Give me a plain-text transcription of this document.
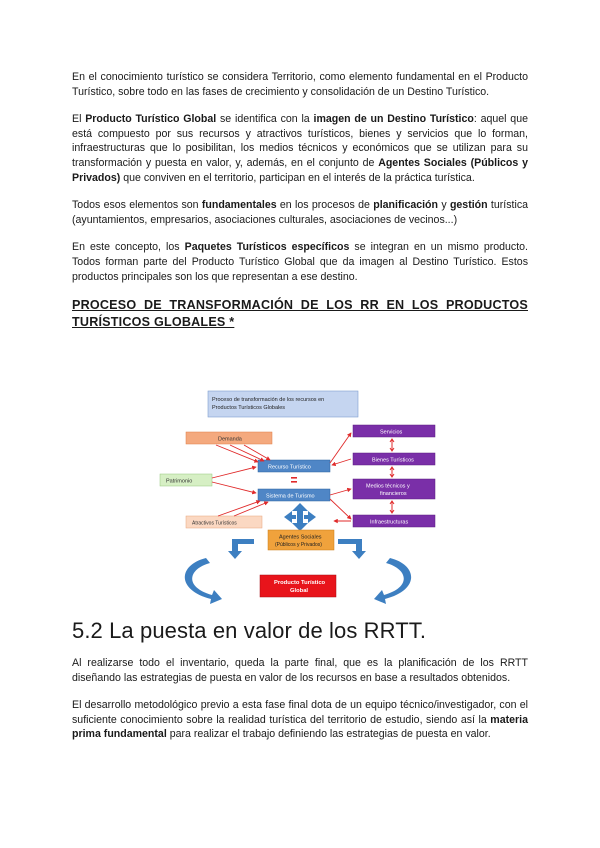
En el conocimiento turístico se considera Territorio, como elemento fundamental en el Producto Turístico, sobre todo en las fases de crecimiento y consolidación de un Destino Turístico.

El Producto Turístico Global se identifica con la imagen de un Destino Turístico: aquel que está compuesto por sus recursos y atractivos turísticos, bienes y servicios que lo forman, infraestructuras que lo posibilitan, los medios técnicos y económicos que se utilizan para su transformación y puesta en valor, y, además, en el conjunto de Agentes Sociales (Públicos y Privados) que conviven en el territorio, participan en el interés de la práctica turística.

Todos esos elementos son fundamentales en los procesos de planificación y gestión turística (ayuntamientos, empresarios, asociaciones culturales, asociaciones de vecinos...)

En este concepto, los Paquetes Turísticos específicos se integran en un mismo producto. Todos forman parte del Producto Turístico Global que da imagen al Destino Turístico. Estos productos principales son los que representan a ese destino.

PROCESO DE TRANSFORMACIÓN DE LOS RR EN LOS PRODUCTOS TURÍSTICOS GLOBALES *
Proceso de transformación de los recursos en
Productos Turísticos Globales
Demanda
Patrimonio
Atractivos Turísticos
Recurso Turístico
Sistema de Turismo
Servicios
Bienes Turísticos
Medios técnicos y
financieros
Infraestructuras
Agentes Sociales
(Públicos y Privados)
Producto Turístico
Global
5.2 La puesta en valor de los RRTT.

Al realizarse todo el inventario, queda la parte final, que es la planificación de los RRTT diseñando las estrategias de puesta en valor de los recursos en base a resultados obtenidos.

El desarrollo metodológico previo a esta fase final dota de un equipo técnico/investigador, con el suficiente conocimiento sobre la realidad turística del territorio de estudio, siendo así la materia prima fundamental para realizar el trabajo definiendo las estrategias de puesta en valor.
